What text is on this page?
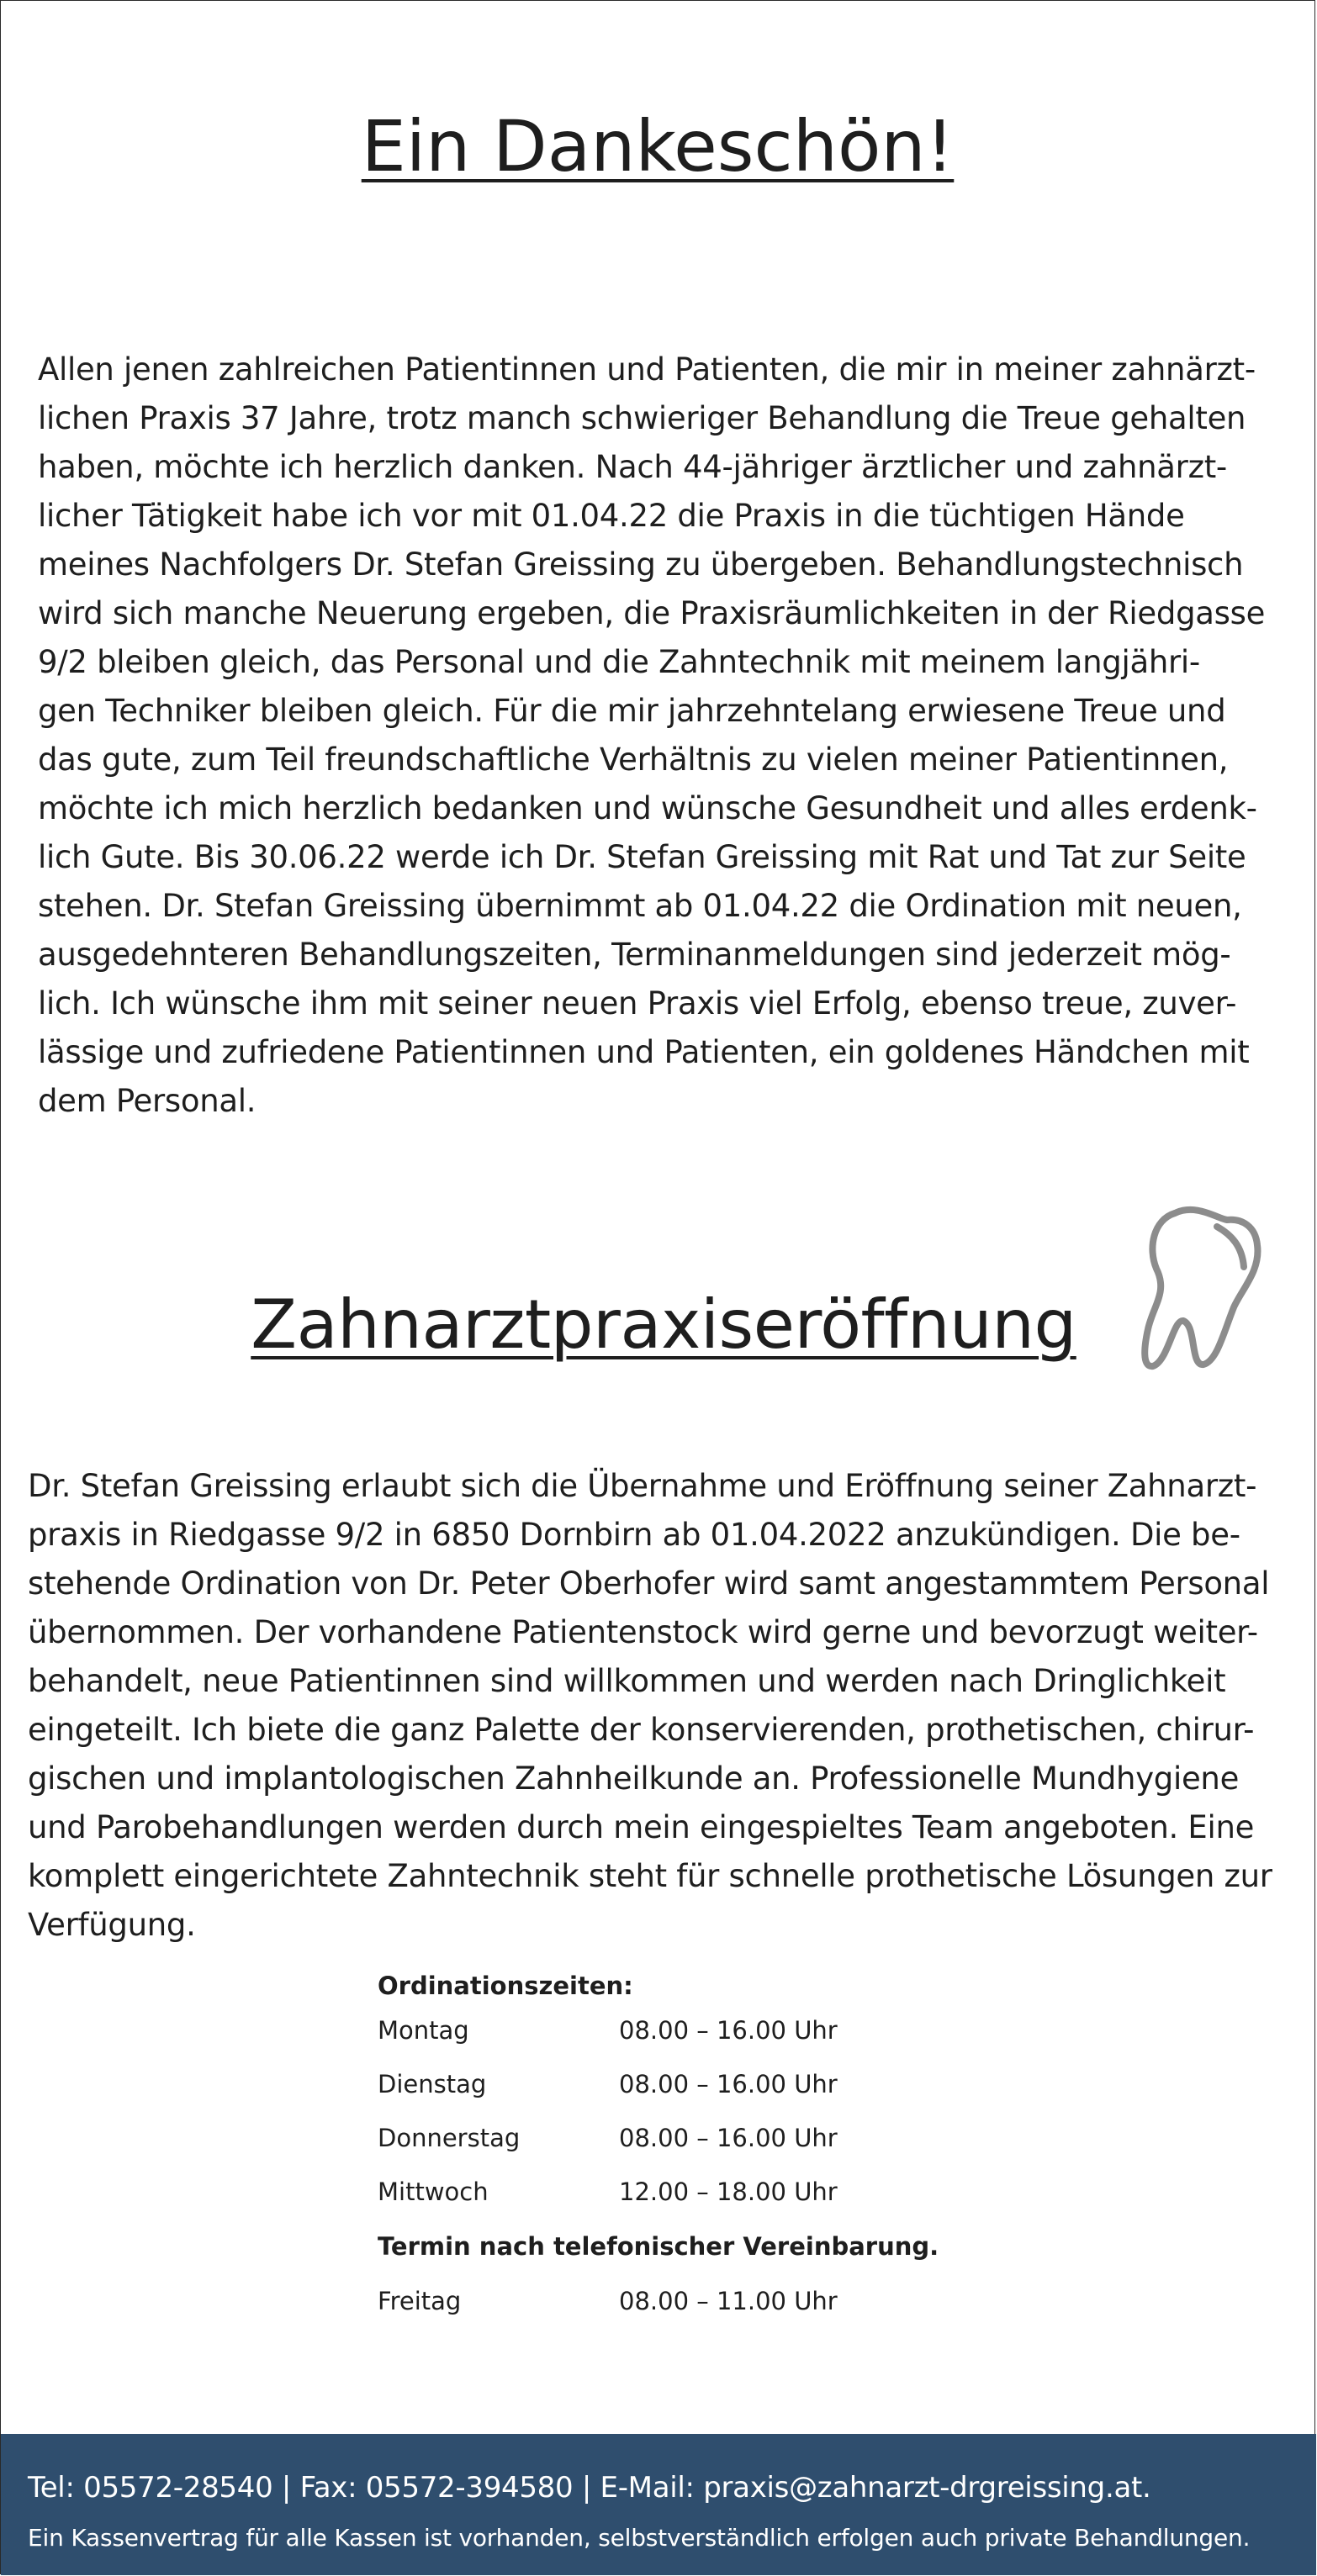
Ein Dankeschön!

Allen jenen zahlreichen Patientinnen und Patienten, die mir in meiner zahnärzt-
lichen Praxis 37 Jahre, trotz manch schwieriger Behandlung die Treue gehalten
haben, möchte ich herzlich danken. Nach 44-jähriger ärztlicher und zahnärzt-
licher Tätigkeit habe ich vor mit 01.04.22 die Praxis in die tüchtigen Hände
meines Nachfolgers Dr. Stefan Greissing zu übergeben. Behandlungstechnisch
wird sich manche Neuerung ergeben, die Praxisräumlichkeiten in der Riedgasse
9/2 bleiben gleich, das Personal und die Zahntechnik mit meinem langjähri-
gen Techniker bleiben gleich. Für die mir jahrzehntelang erwiesene Treue und
das gute, zum Teil freundschaftliche Verhältnis zu vielen meiner Patientinnen,
möchte ich mich herzlich bedanken und wünsche Gesundheit und alles erdenk-
lich Gute. Bis 30.06.22 werde ich Dr. Stefan Greissing mit Rat und Tat zur Seite
stehen. Dr. Stefan Greissing übernimmt ab 01.04.22 die Ordination mit neuen,
ausgedehnteren Behandlungszeiten, Terminanmeldungen sind jederzeit mög-
lich. Ich wünsche ihm mit seiner neuen Praxis viel Erfolg, ebenso treue, zuver-
lässige und zufriedene Patientinnen und Patienten, ein goldenes Händchen mit
dem Personal.

Zahnarztpraxiseröffnung

Dr. Stefan Greissing erlaubt sich die Übernahme und Eröffnung seiner Zahnarzt-
praxis in Riedgasse 9/2 in 6850 Dornbirn ab 01.04.2022 anzukündigen. Die be-
stehende Ordination von Dr. Peter Oberhofer wird samt angestammtem Personal
übernommen. Der vorhandene Patientenstock wird gerne und bevorzugt weiter-
behandelt, neue Patientinnen sind willkommen und werden nach Dringlichkeit
eingeteilt. Ich biete die ganz Palette der konservierenden, prothetischen, chirur-
gischen und implantologischen Zahnheilkunde an. Professionelle Mundhygiene
und Parobehandlungen werden durch mein eingespieltes Team angeboten. Eine
komplett eingerichtete Zahntechnik steht für schnelle prothetische Lösungen zur
Verfügung.

Ordinationszeiten:
Montag	08.00 – 16.00 Uhr
Dienstag	08.00 – 16.00 Uhr
Donnerstag	08.00 – 16.00 Uhr
Mittwoch	12.00 – 18.00 Uhr
Termin nach telefonischer Vereinbarung.
Freitag	08.00 – 11.00 Uhr
Tel: 05572-28540 | Fax: 05572-394580 | E-Mail: praxis@zahnarzt-drgreissing.at.
Ein Kassenvertrag für alle Kassen ist vorhanden, selbstverständlich erfolgen auch private Behandlungen.
